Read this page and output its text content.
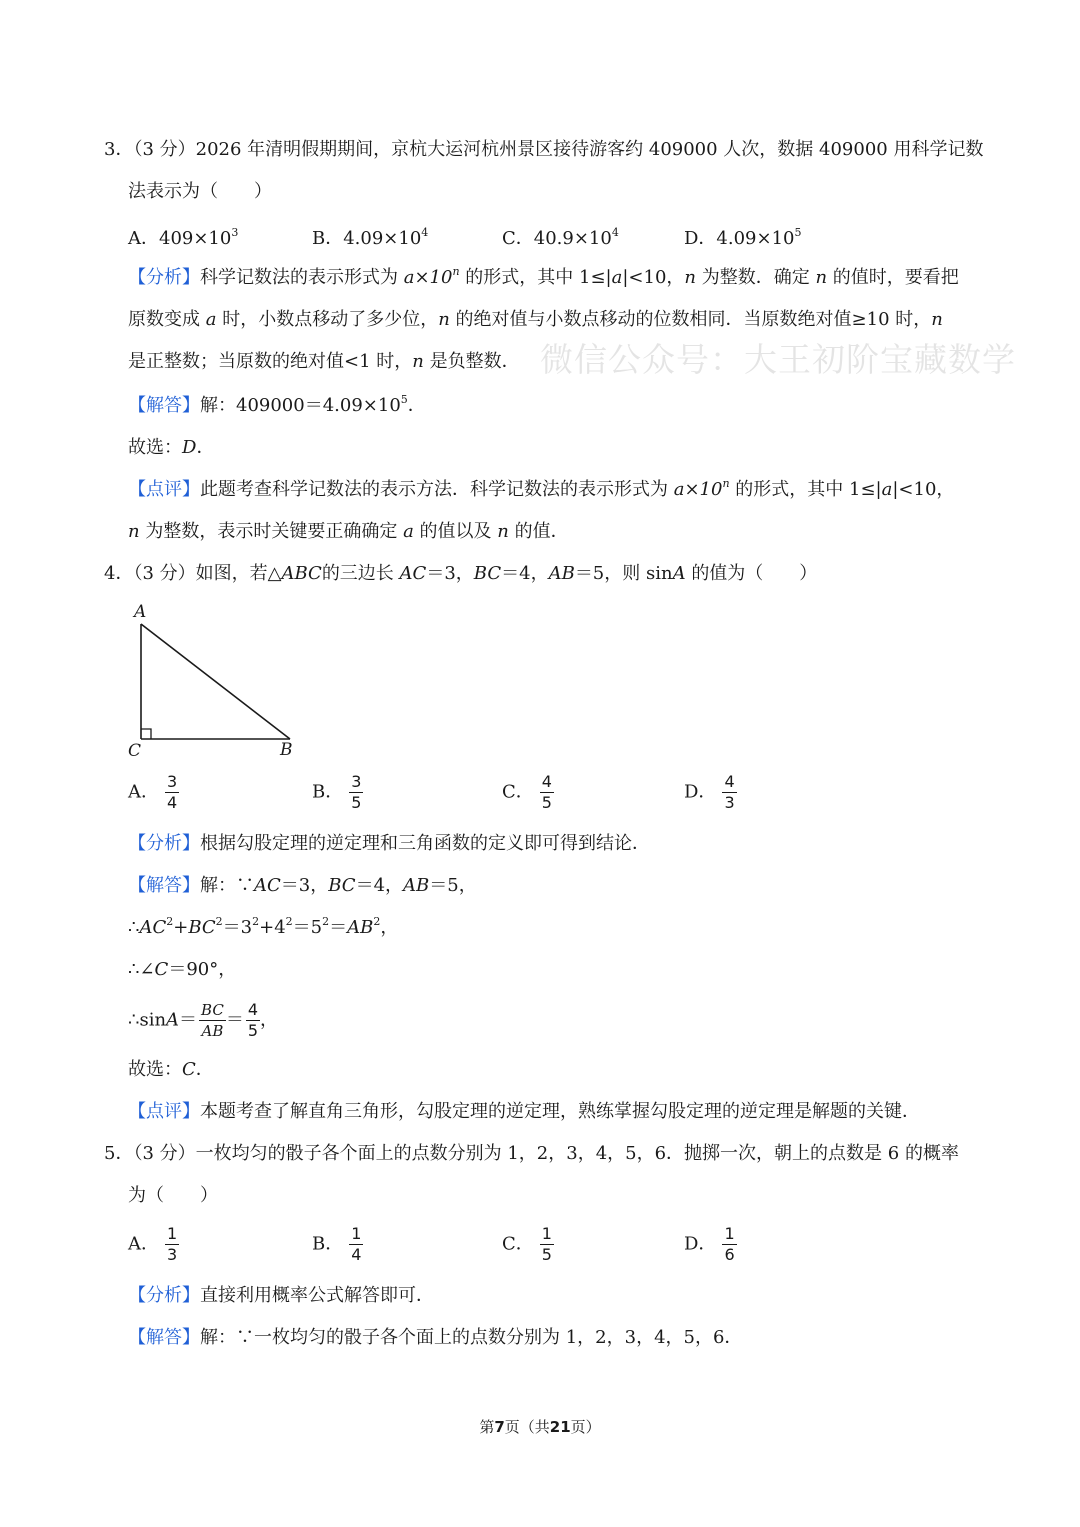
微信公众号：大王初阶宝藏数学
3．（3 分）2026 年清明假期期间，京杭大运河杭州景区接待游客约 409000 人次，数据 409000 用科学记数
法表示为（　　）
A．$409\times 10^3$	B．$4.09\times 10^4$	C．$40.9\times 10^4$	D．$4.09\times 10^5$
【分析】科学记数法的表示形式为 $a\times 10^n$ 的形式，其中 1≤|a|<10，n 为整数．确定 n 的值时，要看把
原数变成 a 时，小数点移动了多少位，n 的绝对值与小数点移动的位数相同．当原数绝对值≥10 时，n
是正整数；当原数的绝对值<1 时，n 是负整数．
【解答】解：$409000=4.09\times 10^5$．
故选：D．
【点评】此题考查科学记数法的表示方法．科学记数法的表示形式为 $a\times 10^n$ 的形式，其中 1≤|a|<10，
n 为整数，表示时关键要正确确定 a 的值以及 n 的值．
4．（3 分）如图，若△ABC的三边长 AC＝3，BC＝4，AB＝5，则 sinA 的值为（　　）
A
C	B
A． $\frac{3}{4}$	B． $\frac{3}{5}$	C． $\frac{4}{5}$	D． $\frac{4}{3}$
【分析】根据勾股定理的逆定理和三角函数的定义即可得到结论．
【解答】解：∵AC＝3，BC＝4，AB＝5，
$\therefore AC^2+BC^2=3^2+4^2=5^2=AB^2$，
∴∠C＝90°，
∴sinA＝ $\frac{BC}{AB} = \frac{4}{5}$ ，
故选：C．
【点评】本题考查了解直角三角形，勾股定理的逆定理，熟练掌握勾股定理的逆定理是解题的关键．
5．（3 分）一枚均匀的骰子各个面上的点数分别为 1，2，3，4，5，6．抛掷一次，朝上的点数是 6 的概率
为（　　）
A． $\frac{1}{3}$	B． $\frac{1}{4}$	C． $\frac{1}{5}$	D． $\frac{1}{6}$
【分析】直接利用概率公式解答即可．
【解答】解：∵一枚均匀的骰子各个面上的点数分别为 1，2，3，4，5，6．
第7页（共21页）
